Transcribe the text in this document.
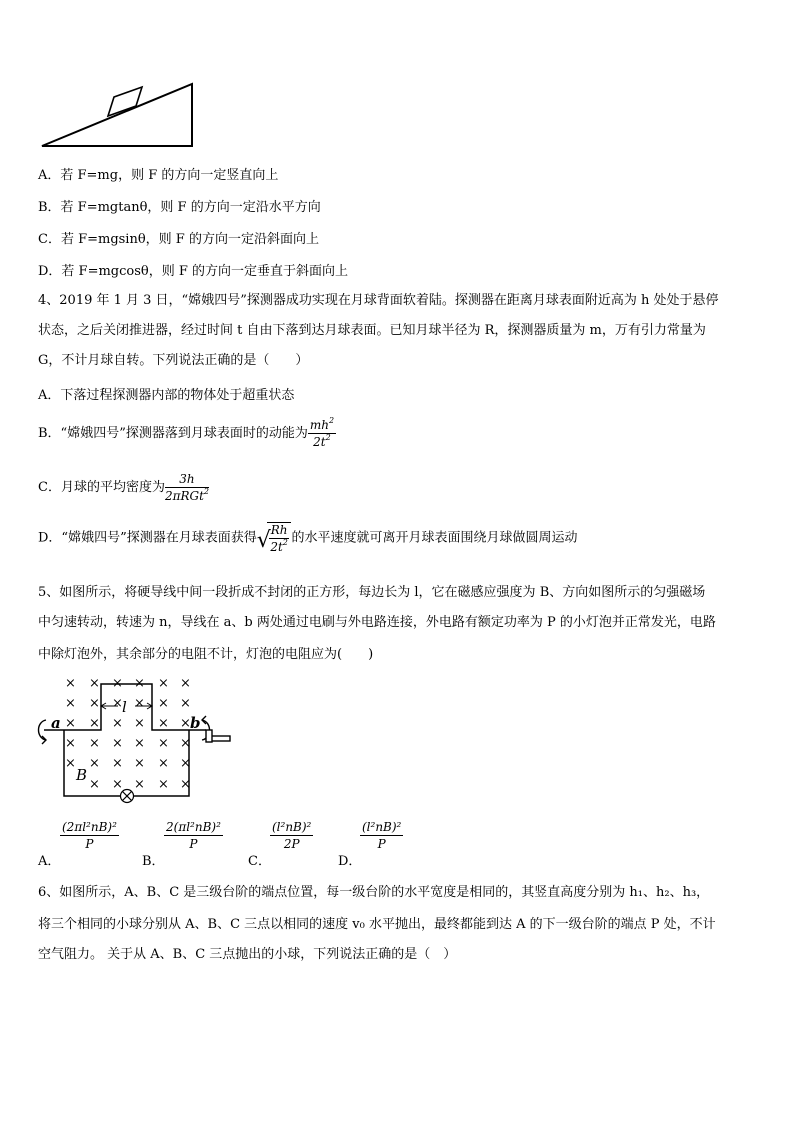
A．若 F=mg，则 F 的方向一定竖直向上
B．若 F=mgtanθ，则 F 的方向一定沿水平方向
C．若 F=mgsinθ，则 F 的方向一定沿斜面向上
D．若 F=mgcosθ，则 F 的方向一定垂直于斜面向上
4、2019 年 1 月 3 日，“嫦娥四号”探测器成功实现在月球背面软着陆。探测器在距离月球表面附近高为 h 处处于悬停
状态，之后关闭推进器，经过时间 t 自由下落到达月球表面。已知月球半径为 R，探测器质量为 m，万有引力常量为
G，不计月球自转。下列说法正确的是（　　）
A．下落过程探测器内部的物体处于超重状态
B．“嫦娥四号”探测器落到月球表面时的动能为 $\frac{mh^2}{2t^2}$
C．月球的平均密度为 $\frac{3h}{2\pi RGt^2}$
D．“嫦娥四号”探测器在月球表面获得 √
$\frac{Rh}{2t^2}$ 的水平速度就可离开月球表面围绕月球做圆周运动
5、如图所示，将硬导线中间一段折成不封闭的正方形，每边长为 l，它在磁感应强度为 B、方向如图所示的匀强磁场
中匀速转动，转速为 n，导线在 a、b 两处通过电刷与外电路连接，外电路有额定功率为 P 的小灯泡并正常发光，电路
中除灯泡外，其余部分的电阻不计，灯泡的电阻应为(　　)
× × × × × ×
× × × × × ×
× × × × × ×
× × × × × ×
× × × × × ×
× × × × ×
l
a	b
B
A．
$\frac{\text{(2πl²nB)²}}{P}$
B．
$\frac{\text{2(πl²nB)²}}{P}$
C．
$\frac{\text{(l²nB)²}}{2P}$
D．
$\frac{\text{(l²nB)²}}{P}$
6、如图所示，A、B、C 是三级台阶的端点位置，每一级台阶的水平宽度是相同的，其竖直高度分别为 h₁、h₂、h₃，
将三个相同的小球分别从 A、B、C 三点以相同的速度 v₀ 水平抛出，最终都能到达 A 的下一级台阶的端点 P 处，不计
空气阻力。 关于从 A、B、C 三点抛出的小球，下列说法正确的是（　）
